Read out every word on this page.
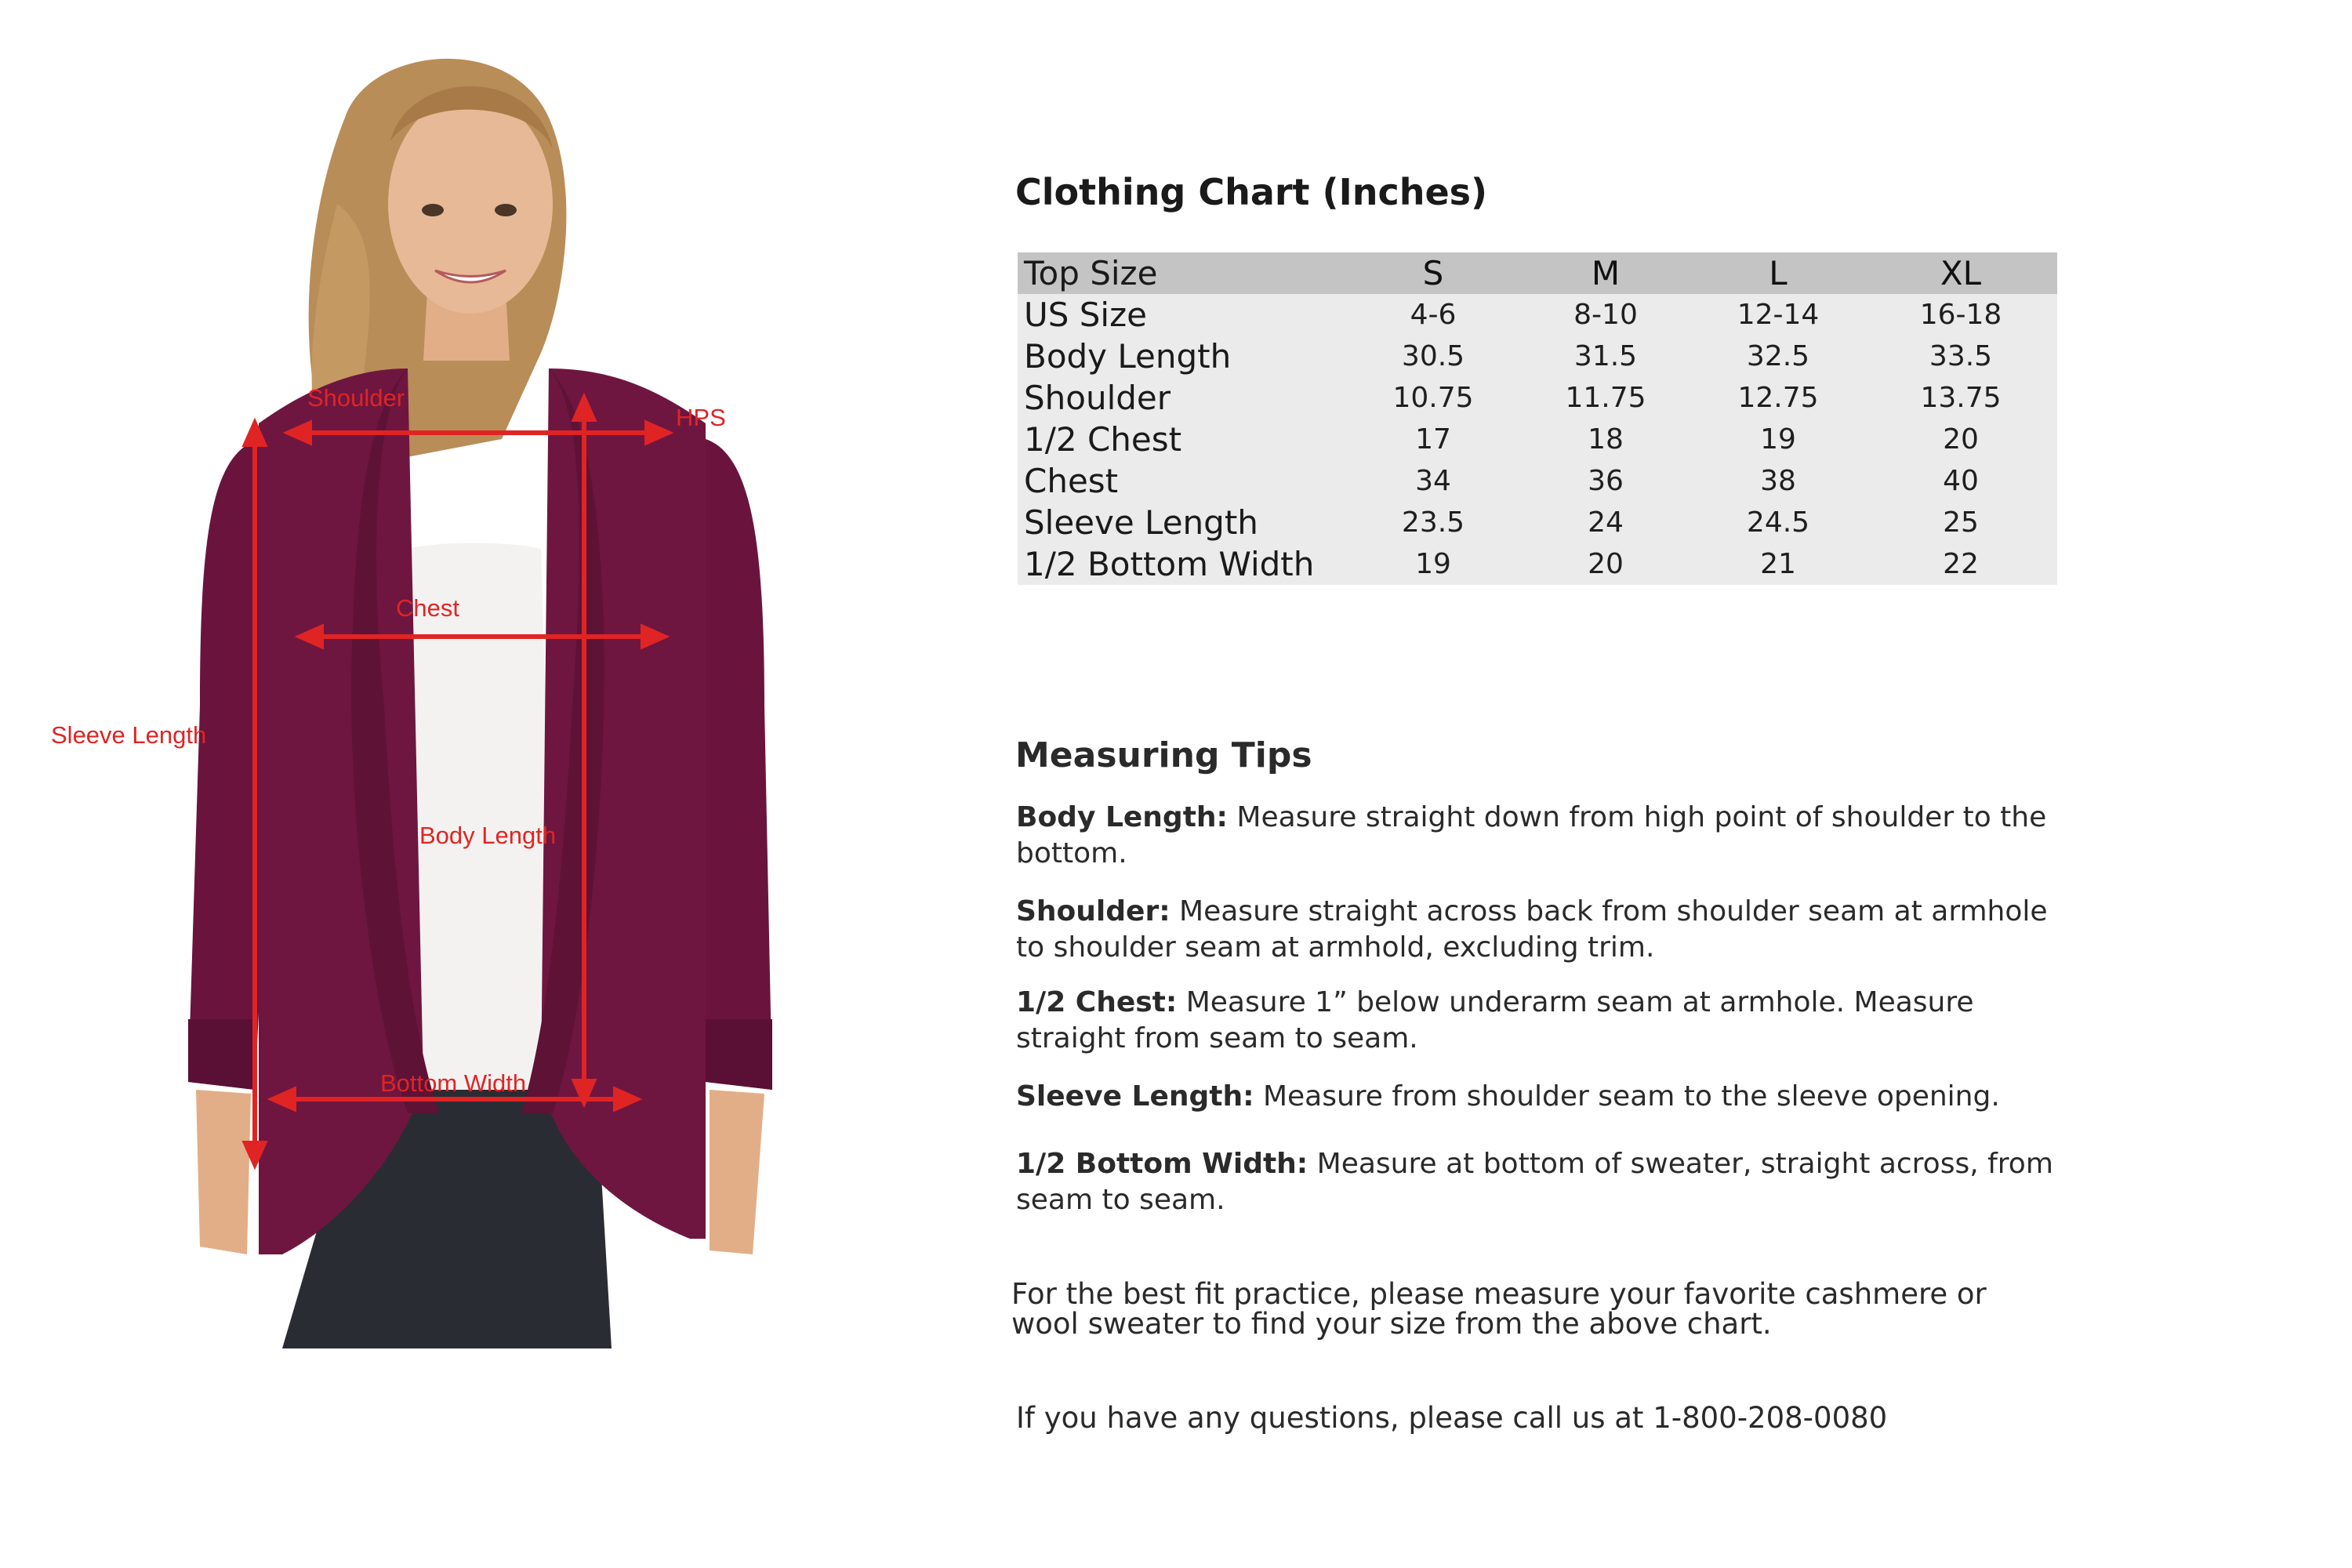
Shoulder
HPS
Chest
Sleeve Length
Body Length
Bottom Width
Clothing Chart (Inches)
Top Size	S	M	L	XL
US Size	4-6	8-10	12-14	16-18
Body Length	30.5	31.5	32.5	33.5
Shoulder	10.75	11.75	12.75	13.75
1/2 Chest	17	18	19	20
Chest	34	36	38	40
Sleeve Length	23.5	24	24.5	25
1/2 Bottom Width	19	20	21	22
Measuring Tips

Body Length: Measure straight down from high point of shoulder to the bottom.

Shoulder: Measure straight across back from shoulder seam at armhole to shoulder seam at armhold, excluding trim.

1/2 Chest: Measure 1” below underarm seam at armhole. Measure straight from seam to seam.

Sleeve Length: Measure from shoulder seam to the sleeve opening.

1/2 Bottom Width: Measure at bottom of sweater, straight across, from seam to seam.

For the best fit practice, please measure your favorite cashmere or wool sweater to find your size from the above chart.

If you have any questions, please call us at 1-800-208-0080
